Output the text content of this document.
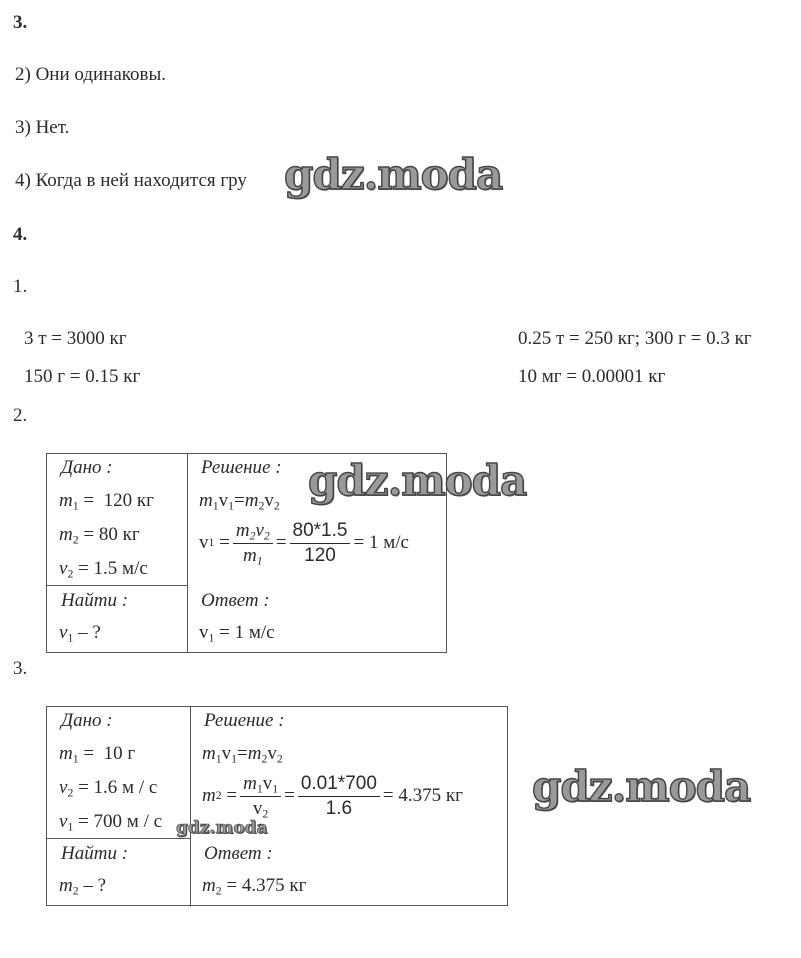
3.
2) Они одинаковы.
3) Нет.
4) Когда в ней находится гру
4.
1.
3 т = 3000 кг
150 г = 0.15 кг
0.25 т = 250 кг; 300 г = 0.3 кг
10 мг = 0.00001 кг
2.
Дано :
$m_1 = 120$ кг
$m_2 = 80$ кг
$v_2 = 1.5$ м/с
Найти :
$v_1$ – ?
Решение :
$m_1v_1=m_2v_2$
v $1 = \frac{m_2v_2}{m_1} = \frac{80*1.5}{120} = 1$ м/с
Ответ :
$v_1 = 1$ м/с
3.
Дано :
$m_1 = 10$ г
$v_2 = 1.6$ м / с
$v_1 = 700$ м / с
Найти :
$m_2$ – ?
Решение :
$m_1v_1=m_2v_2$
m $2 = \frac{m_1v_1}{v_2} = \frac{0.01*700}{1.6} = 4.375$ кг
Ответ :
$m_2 = 4.375$ кг
gdz.moda
gdz.moda
gdz.moda
gdz.moda
